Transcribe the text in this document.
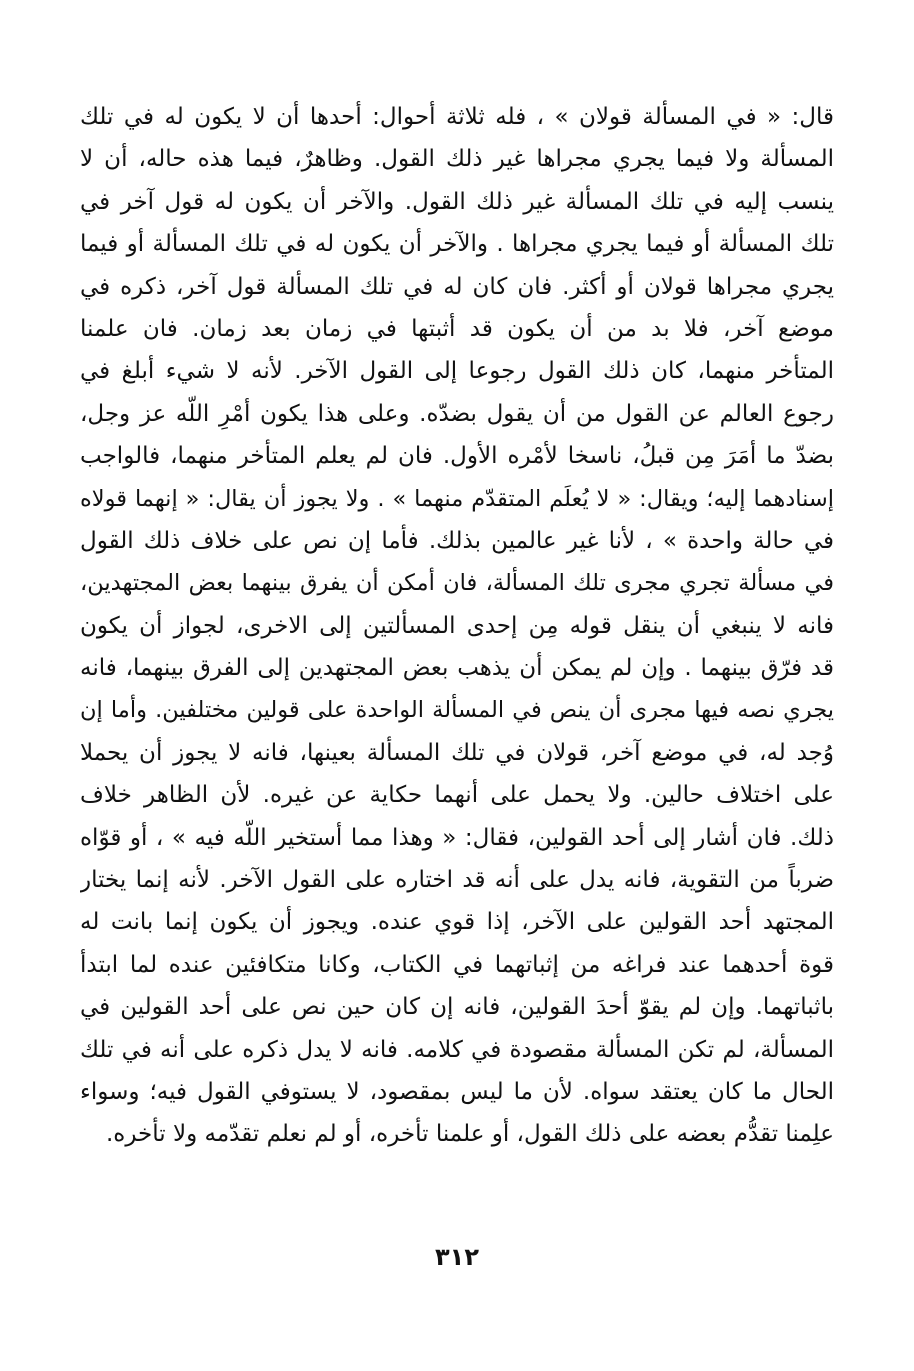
قال: « في المسألة قولان » ، فله ثلاثة أحوال: أحدها أن لا يكون له في تلك
المسألة ولا فيما يجري مجراها غير ذلك القول. وظاهرٌ، فيما هذه حاله، أن لا
ينسب إليه في تلك المسألة غير ذلك القول. والآخر أن يكون له قول آخر في
تلك المسألة أو فيما يجري مجراها . والآخر أن يكون له في تلك المسألة أو فيما
يجري مجراها قولان أو أكثر. فان كان له في تلك المسألة قول آخر، ذكره في
موضع آخر، فلا بد من أن يكون قد أثبتها في زمان بعد زمان. فان علمنا
المتأخر منهما، كان ذلك القول رجوعا إلى القول الآخر. لأنه لا شيء أبلغ في
رجوع العالم عن القول من أن يقول بضدّه. وعلى هذا يكون أمْرِ اللّه عز وجل،
بضدّ ما أمَرَ مِن قبلُ، ناسخا لأمْره الأول. فان لم يعلم المتأخر منهما، فالواجب
إسنادهما إليه؛ ويقال: « لا يُعلَم المتقدّم منهما » . ولا يجوز أن يقال: « إنهما قولاه
في حالة واحدة » ، لأنا غير عالمين بذلك. فأما إن نص على خلاف ذلك القول
في مسألة تجري مجرى تلك المسألة، فان أمكن أن يفرق بينهما بعض المجتهدين،
فانه لا ينبغي أن ينقل قوله مِن إحدى المسألتين إلى الاخرى، لجواز أن يكون
قد فرّق بينهما . وإن لم يمكن أن يذهب بعض المجتهدين إلى الفرق بينهما، فانه
يجري نصه فيها مجرى أن ينص في المسألة الواحدة على قولين مختلفين. وأما إن
وُجد له، في موضع آخر، قولان في تلك المسألة بعينها، فانه لا يجوز أن يحملا
على اختلاف حالين. ولا يحمل على أنهما حكاية عن غيره. لأن الظاهر خلاف
ذلك. فان أشار إلى أحد القولين، فقال: « وهذا مما أستخير اللّه فيه » ، أو قوّاه
ضرباً من التقوية، فانه يدل على أنه قد اختاره على القول الآخر. لأنه إنما يختار
المجتهد أحد القولين على الآخر، إذا قوي عنده. ويجوز أن يكون إنما بانت له
قوة أحدهما عند فراغه من إثباتهما في الكتاب، وكانا متكافئين عنده لما ابتدأ
باثباتهما. وإن لم يقوّ أحدَ القولين، فانه إن كان حين نص على أحد القولين في
المسألة، لم تكن المسألة مقصودة في كلامه. فانه لا يدل ذكره على أنه في تلك
الحال ما كان يعتقد سواه. لأن ما ليس بمقصود، لا يستوفي القول فيه؛ وسواء
علِمنا تقدُّم بعضه على ذلك القول، أو علمنا تأخره، أو لم نعلم تقدّمه ولا تأخره.
٣١٢
